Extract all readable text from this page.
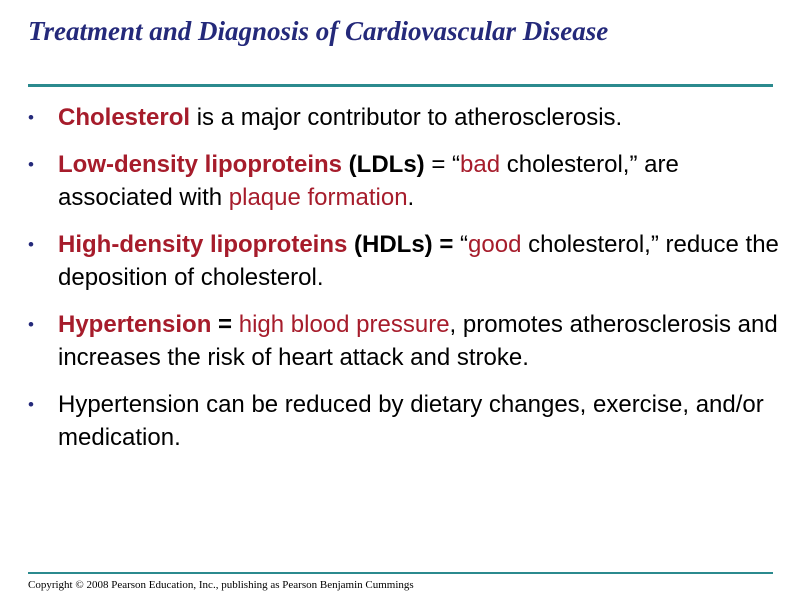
Treatment and Diagnosis of Cardiovascular Disease
• Cholesterol is a major contributor to atherosclerosis.
• Low-density lipoproteins (LDLs) = “bad cholesterol,” are associated with plaque formation.
• High-density lipoproteins (HDLs) = “good cholesterol,” reduce the deposition of cholesterol.
• Hypertension = high blood pressure, promotes atherosclerosis and increases the risk of heart attack and stroke.
• Hypertension can be reduced by dietary changes, exercise, and/or medication.
Copyright © 2008 Pearson Education, Inc., publishing as Pearson Benjamin Cummings
